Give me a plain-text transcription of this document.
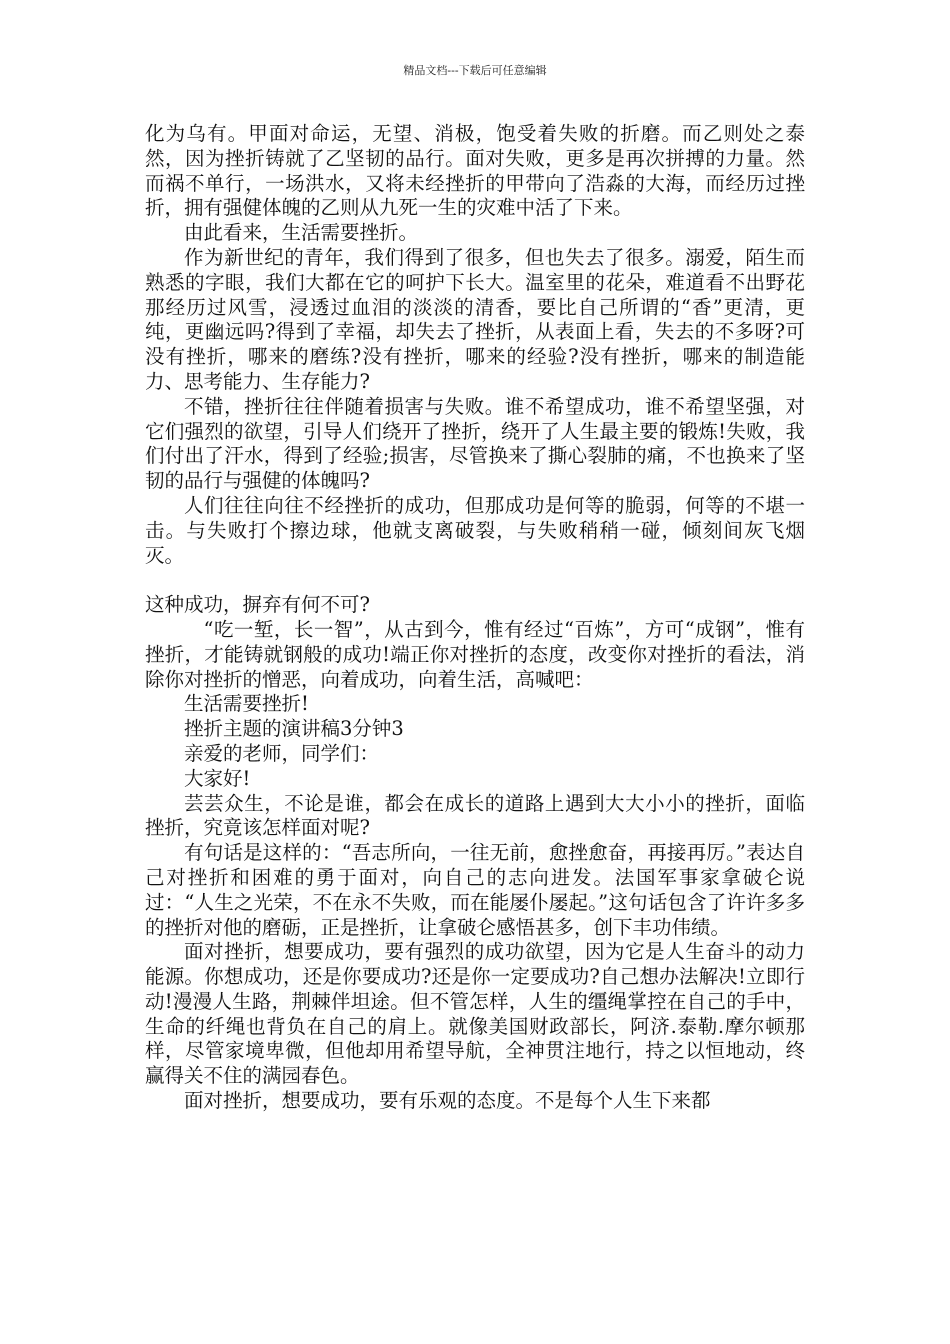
精品文档---下载后可任意编辑

化为乌有。甲面对命运，无望、消极，饱受着失败的折磨。而乙则处之泰然，因为挫折铸就了乙坚韧的品行。面对失败，更多是再次拼搏的力量。然而祸不单行，一场洪水，又将未经挫折的甲带向了浩淼的大海，而经历过挫折，拥有强健体魄的乙则从九死一生的灾难中活了下来。

由此看来，生活需要挫折。

作为新世纪的青年，我们得到了很多，但也失去了很多。溺爱，陌生而熟悉的字眼，我们大都在它的呵护下长大。温室里的花朵，难道看不出野花那经历过风雪，浸透过血泪的淡淡的清香，要比自己所谓的“香”更清，更纯，更幽远吗?得到了幸福，却失去了挫折，从表面上看，失去的不多呀?可没有挫折，哪来的磨练?没有挫折，哪来的经验?没有挫折，哪来的制造能力、思考能力、生存能力?

不错，挫折往往伴随着损害与失败。谁不希望成功，谁不希望坚强，对它们强烈的欲望，引导人们绕开了挫折，绕开了人生最主要的锻炼!失败，我们付出了汗水，得到了经验;损害，尽管换来了撕心裂肺的痛，不也换来了坚韧的品行与强健的体魄吗?

人们往往向往不经挫折的成功，但那成功是何等的脆弱，何等的不堪一击。与失败打个擦边球，他就支离破裂，与失败稍稍一碰，倾刻间灰飞烟灭。

这种成功，摒弃有何不可?

“吃一堑，长一智”，从古到今，惟有经过“百炼”，方可“成钢”，惟有挫折，才能铸就钢般的成功!端正你对挫折的态度，改变你对挫折的看法，消除你对挫折的憎恶，向着成功，向着生活，高喊吧：

生活需要挫折!

挫折主题的演讲稿3分钟3

亲爱的老师，同学们：

大家好!

芸芸众生，不论是谁，都会在成长的道路上遇到大大小小的挫折，面临挫折，究竟该怎样面对呢?

有句话是这样的：“吾志所向，一往无前，愈挫愈奋，再接再厉。”表达自己对挫折和困难的勇于面对，向自己的志向进发。法国军事家拿破仑说过：“人生之光荣，不在永不失败，而在能屡仆屡起。”这句话包含了许许多多的挫折对他的磨砺，正是挫折，让拿破仑感悟甚多，创下丰功伟绩。

面对挫折，想要成功，要有强烈的成功欲望，因为它是人生奋斗的动力能源。你想成功，还是你要成功?还是你一定要成功?自己想办法解决!立即行动!漫漫人生路，荆棘伴坦途。但不管怎样，人生的缰绳掌控在自己的手中，生命的纤绳也背负在自己的肩上。就像美国财政部长，阿济.泰勒.摩尔顿那样，尽管家境卑微，但他却用希望导航，全神贯注地行，持之以恒地动，终赢得关不住的满园春色。

面对挫折，想要成功，要有乐观的态度。不是每个人生下来都
